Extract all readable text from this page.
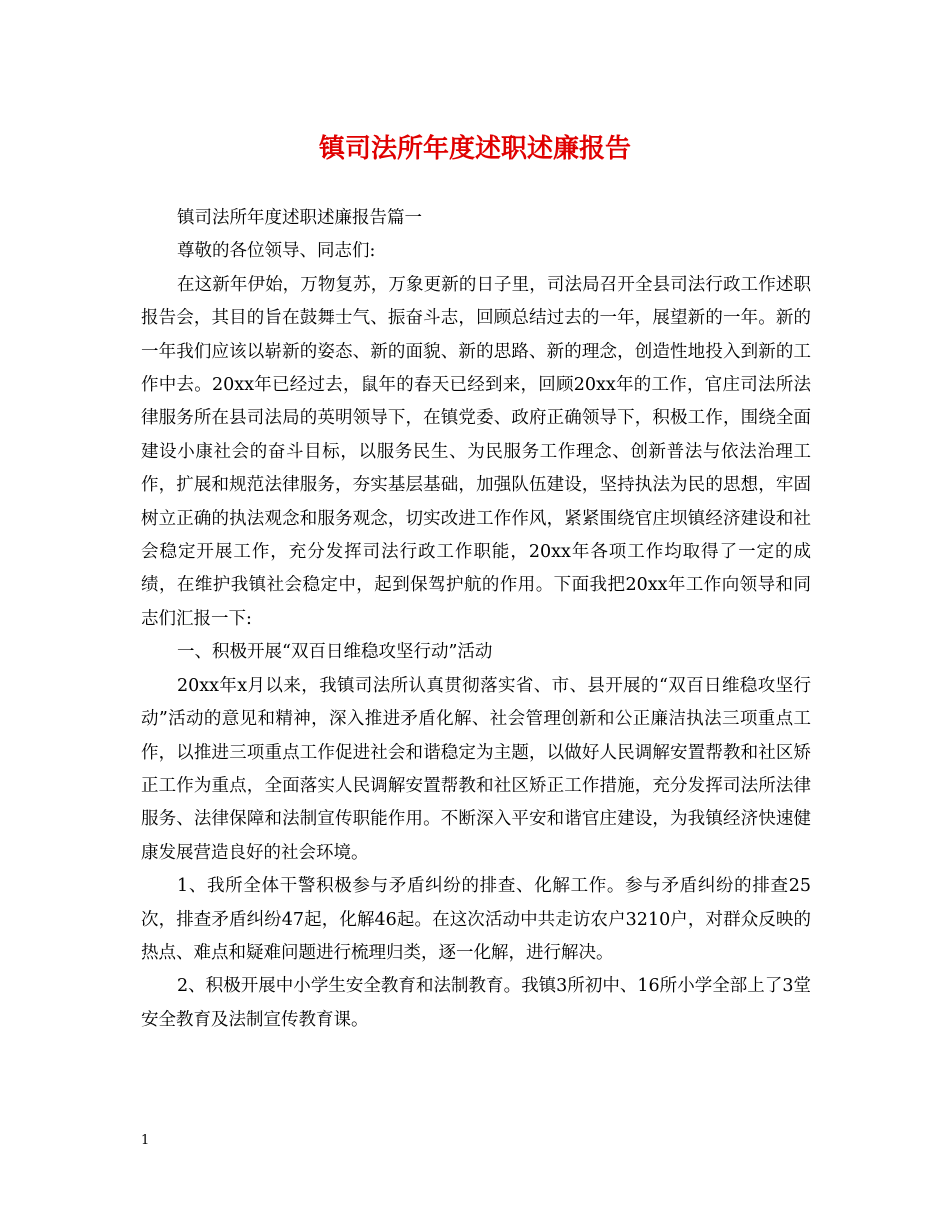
镇司法所年度述职述廉报告

镇司法所年度述职述廉报告篇一

尊敬的各位领导、同志们:

在这新年伊始，万物复苏，万象更新的日子里，司法局召开全县司法行政工作述职报告会，其目的旨在鼓舞士气、振奋斗志，回顾总结过去的一年，展望新的一年。新的一年我们应该以崭新的姿态、新的面貌、新的思路、新的理念，创造性地投入到新的工作中去。20xx年已经过去，鼠年的春天已经到来，回顾20xx年的工作，官庄司法所法律服务所在县司法局的英明领导下，在镇党委、政府正确领导下，积极工作，围绕全面建设小康社会的奋斗目标，以服务民生、为民服务工作理念、创新普法与依法治理工作，扩展和规范法律服务，夯实基层基础，加强队伍建设，坚持执法为民的思想，牢固树立正确的执法观念和服务观念，切实改进工作作风，紧紧围绕官庄坝镇经济建设和社会稳定开展工作，充分发挥司法行政工作职能，20xx年各项工作均取得了一定的成绩，在维护我镇社会稳定中，起到保驾护航的作用。下面我把20xx年工作向领导和同志们汇报一下:

一、积极开展“双百日维稳攻坚行动”活动

20xx年x月以来，我镇司法所认真贯彻落实省、市、县开展的“双百日维稳攻坚行动”活动的意见和精神，深入推进矛盾化解、社会管理创新和公正廉洁执法三项重点工作，以推进三项重点工作促进社会和谐稳定为主题，以做好人民调解安置帮教和社区矫正工作为重点，全面落实人民调解安置帮教和社区矫正工作措施，充分发挥司法所法律服务、法律保障和法制宣传职能作用。不断深入平安和谐官庄建设，为我镇经济快速健康发展营造良好的社会环境。

1、我所全体干警积极参与矛盾纠纷的排查、化解工作。参与矛盾纠纷的排查25次，排查矛盾纠纷47起，化解46起。在这次活动中共走访农户3210户，对群众反映的热点、难点和疑难问题进行梳理归类，逐一化解，进行解决。

2、积极开展中小学生安全教育和法制教育。我镇3所初中、16所小学全部上了3堂安全教育及法制宣传教育课。

1
